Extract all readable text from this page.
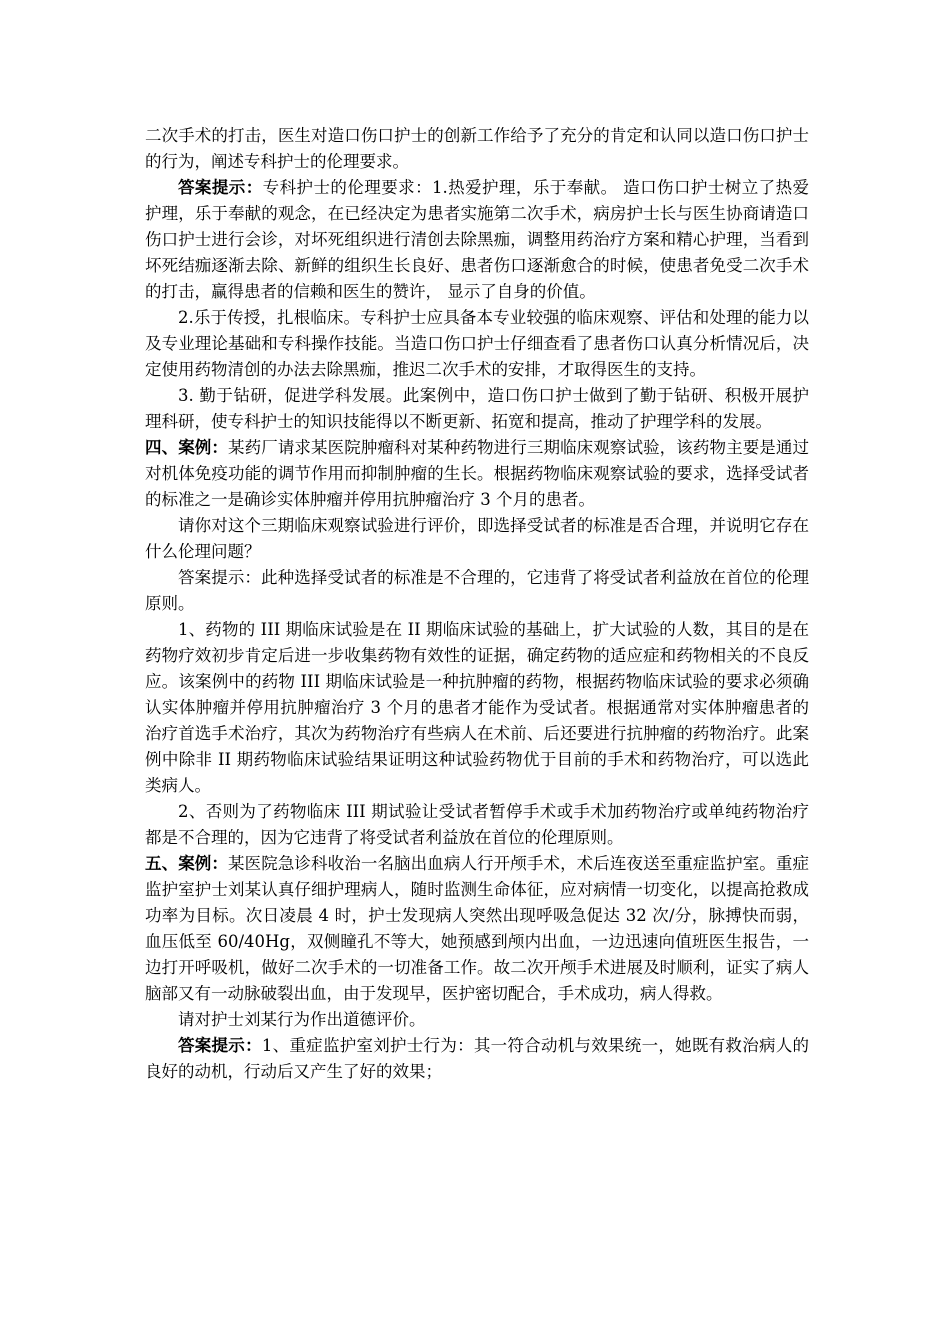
二次手术的打击，医生对造口伤口护士的创新工作给予了充分的肯定和认同以造口伤口护士的行为，阐述专科护士的伦理要求。

答案提示：专科护士的伦理要求：1.热爱护理，乐于奉献。 造口伤口护士树立了热爱护理，乐于奉献的观念，在已经决定为患者实施第二次手术，病房护士长与医生协商请造口伤口护士进行会诊，对坏死组织进行清创去除黑痂，调整用药治疗方案和精心护理，当看到坏死结痂逐渐去除、新鲜的组织生长良好、患者伤口逐渐愈合的时候，使患者免受二次手术的打击，赢得患者的信赖和医生的赞许， 显示了自身的价值。

2.乐于传授，扎根临床。专科护士应具备本专业较强的临床观察、评估和处理的能力以及专业理论基础和专科操作技能。当造口伤口护士仔细查看了患者伤口认真分析情况后，决定使用药物清创的办法去除黑痂，推迟二次手术的安排，才取得医生的支持。

3. 勤于钻研，促进学科发展。此案例中，造口伤口护士做到了勤于钻研、积极开展护理科研，使专科护士的知识技能得以不断更新、拓宽和提高，推动了护理学科的发展。

四、案例：某药厂请求某医院肿瘤科对某种药物进行三期临床观察试验，该药物主要是通过对机体免疫功能的调节作用而抑制肿瘤的生长。根据药物临床观察试验的要求，选择受试者的标准之一是确诊实体肿瘤并停用抗肿瘤治疗 3 个月的患者。

请你对这个三期临床观察试验进行评价，即选择受试者的标准是否合理，并说明它存在什么伦理问题？

答案提示：此种选择受试者的标准是不合理的，它违背了将受试者利益放在首位的伦理原则。

1、药物的 III 期临床试验是在 II 期临床试验的基础上，扩大试验的人数，其目的是在药物疗效初步肯定后进一步收集药物有效性的证据，确定药物的适应症和药物相关的不良反应。该案例中的药物 III 期临床试验是一种抗肿瘤的药物，根据药物临床试验的要求必须确认实体肿瘤并停用抗肿瘤治疗 3 个月的患者才能作为受试者。根据通常对实体肿瘤患者的治疗首选手术治疗，其次为药物治疗有些病人在术前、后还要进行抗肿瘤的药物治疗。此案例中除非 II 期药物临床试验结果证明这种试验药物优于目前的手术和药物治疗，可以选此类病人。

2、否则为了药物临床 III 期试验让受试者暂停手术或手术加药物治疗或单纯药物治疗都是不合理的，因为它违背了将受试者利益放在首位的伦理原则。

五、案例：某医院急诊科收治一名脑出血病人行开颅手术，术后连夜送至重症监护室。重症监护室护士刘某认真仔细护理病人，随时监测生命体征，应对病情一切变化，以提高抢救成功率为目标。次日凌晨 4 时，护士发现病人突然出现呼吸急促达 32 次/分，脉搏快而弱，血压低至 60/40Hg，双侧瞳孔不等大，她预感到颅内出血，一边迅速向值班医生报告，一边打开呼吸机，做好二次手术的一切准备工作。故二次开颅手术进展及时顺利，证实了病人脑部又有一动脉破裂出血，由于发现早，医护密切配合，手术成功，病人得救。

请对护士刘某行为作出道德评价。

答案提示：1、重症监护室刘护士行为：其一符合动机与效果统一，她既有救治病人的良好的动机，行动后又产生了好的效果；
